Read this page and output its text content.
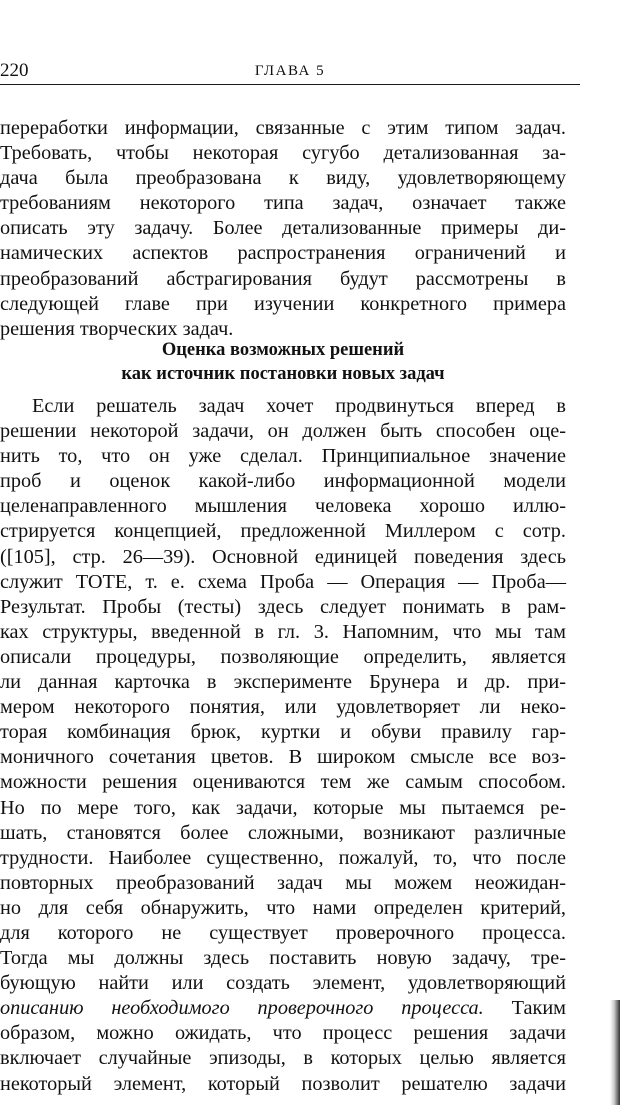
220	ГЛАВА 5
переработки информации, связанные с этим типом задач.
Требовать, чтобы некоторая сугубо детализованная за-
дача была преобразована к виду, удовлетворяющему
требованиям некоторого типа задач, означает также
описать эту задачу. Более детализованные примеры ди-
намических аспектов распространения ограничений и
преобразований абстрагирования будут рассмотрены в
следующей главе при изучении конкретного примера
решения творческих задач.
Оценка возможных решений
как источник постановки новых задач
Если решатель задач хочет продвинуться вперед в
решении некоторой задачи, он должен быть способен оце-
нить то, что он уже сделал. Принципиальное значение
проб и оценок какой-либо информационной модели
целенаправленного мышления человека хорошо иллю-
стрируется концепцией, предложенной Миллером с сотр.
([105], стр. 26—39). Основной единицей поведения здесь
служит ТОТЕ, т. е. схема Проба — Операция — Проба—
Результат. Пробы (тесты) здесь следует понимать в рам-
ках структуры, введенной в гл. 3. Напомним, что мы там
описали процедуры, позволяющие определить, является
ли данная карточка в эксперименте Брунера и др. при-
мером некоторого понятия, или удовлетворяет ли неко-
торая комбинация брюк, куртки и обуви правилу гар-
моничного сочетания цветов. В широком смысле все воз-
можности решения оцениваются тем же самым способом.
Но по мере того, как задачи, которые мы пытаемся ре-
шать, становятся более сложными, возникают различные
трудности. Наиболее существенно, пожалуй, то, что после
повторных преобразований задач мы можем неожидан-
но для себя обнаружить, что нами определен критерий,
для которого не существует проверочного процесса.
Тогда мы должны здесь поставить новую задачу, тре-
бующую найти или создать элемент, удовлетворяющий
описанию необходимого проверочного процесса. Таким
образом, можно ожидать, что процесс решения задачи
включает случайные эпизоды, в которых целью является
некоторый элемент, который позволит решателю задачи
